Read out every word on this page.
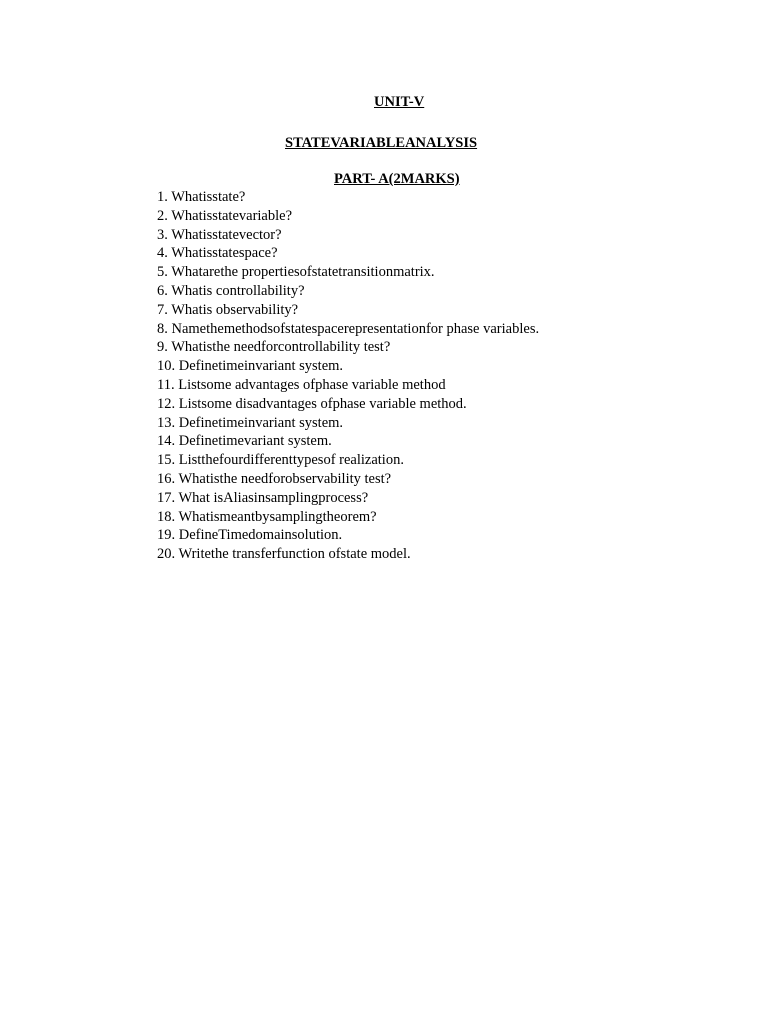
UNIT-V
STATEVARIABLEANALYSIS
PART- A(2MARKS)
1. Whatisstate?
2. Whatisstatevariable?
3. Whatisstatevector?
4. Whatisstatespace?
5. Whatarethe propertiesofstatetransitionmatrix.
6. Whatis controllability?
7. Whatis observability?
8. Namethemethodsofstatespacerepresentationfor phase variables.
9. Whatisthe needforcontrollability test?
10. Definetimeinvariant system.
11. Listsome advantages ofphase variable method
12. Listsome disadvantages ofphase variable method.
13. Definetimeinvariant system.
14. Definetimevariant system.
15. Listthefourdifferenttypesof realization.
16. Whatisthe needforobservability test?
17. What isAliasinsamplingprocess?
18. Whatismeantbysamplingtheorem?
19. DefineTimedomainsolution.
20. Writethe transferfunction ofstate model.
